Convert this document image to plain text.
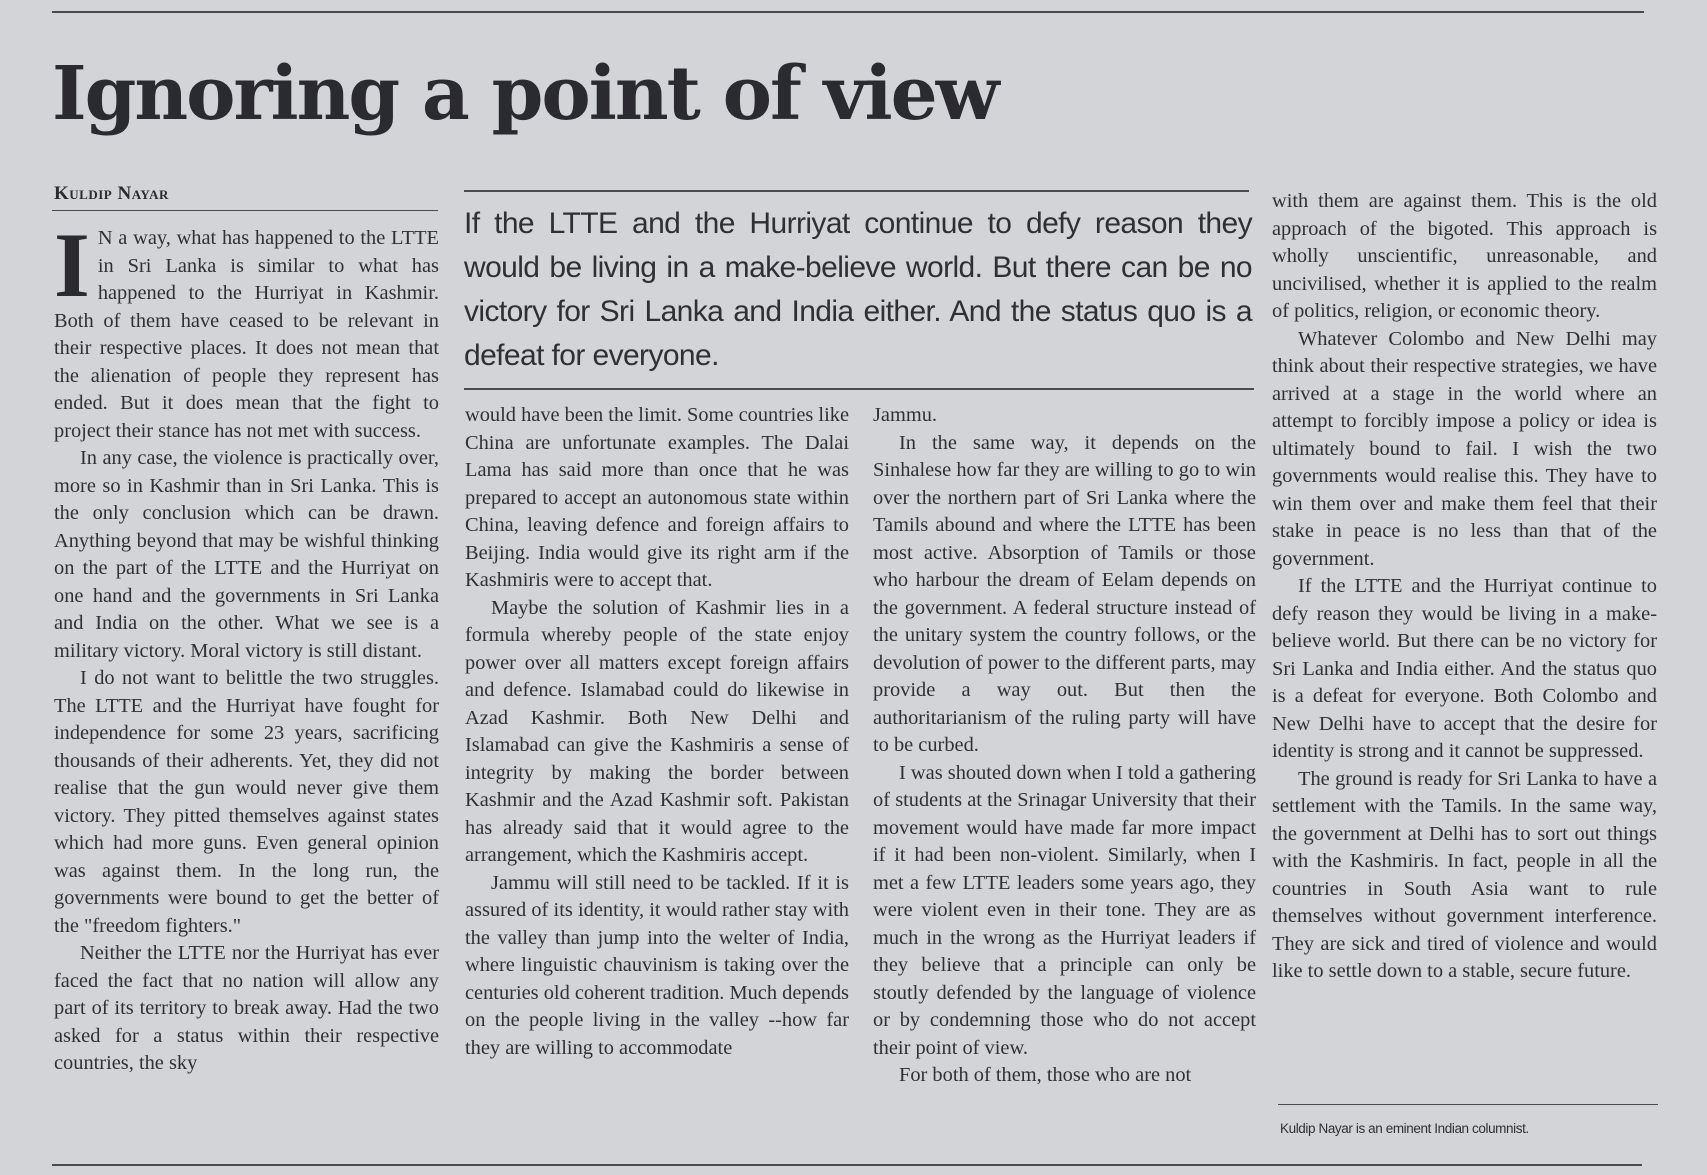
Ignoring a point of view
Kuldip Nayar

I N a way, what has happened to the LTTE in Sri Lanka is similar to what has happened to the Hurriyat in Kashmir. Both of them have ceased to be relevant in their respective places. It does not mean that the alienation of people they represent has ended. But it does mean that the fight to project their stance has not met with success.

In any case, the violence is practically over, more so in Kashmir than in Sri Lanka. This is the only conclusion which can be drawn. Anything beyond that may be wishful thinking on the part of the LTTE and the Hurriyat on one hand and the governments in Sri Lanka and India on the other. What we see is a military victory. Moral victory is still distant.

I do not want to belittle the two struggles. The LTTE and the Hurriyat have fought for independence for some 23 years, sacrificing thousands of their adherents. Yet, they did not realise that the gun would never give them victory. They pitted themselves against states which had more guns. Even general opinion was against them. In the long run, the governments were bound to get the better of the "freedom fighters."

Neither the LTTE nor the Hurriyat has ever faced the fact that no nation will allow any part of its territory to break away. Had the two asked for a status within their respective countries, the sky

If the LTTE and the Hurriyat continue to defy reason they would be living in a make-believe world. But there can be no victory for Sri Lanka and India either. And the status quo is a defeat for everyone.

would have been the limit. Some countries like China are unfortunate examples. The Dalai Lama has said more than once that he was prepared to accept an autonomous state within China, leaving defence and foreign affairs to Beijing. India would give its right arm if the Kashmiris were to accept that.

Maybe the solution of Kashmir lies in a formula whereby people of the state enjoy power over all matters except foreign affairs and defence. Islamabad could do likewise in Azad Kashmir. Both New Delhi and Islamabad can give the Kashmiris a sense of integrity by making the border between Kashmir and the Azad Kashmir soft. Pakistan has already said that it would agree to the arrangement, which the Kashmiris accept.

Jammu will still need to be tackled. If it is assured of its identity, it would rather stay with the valley than jump into the welter of India, where linguistic chauvinism is taking over the centuries old coherent tradition. Much depends on the people living in the valley --how far they are willing to accommodate

Jammu.

In the same way, it depends on the Sinhalese how far they are willing to go to win over the northern part of Sri Lanka where the Tamils abound and where the LTTE has been most active. Absorption of Tamils or those who harbour the dream of Eelam depends on the government. A federal structure instead of the unitary system the country follows, or the devolution of power to the different parts, may provide a way out. But then the authoritarianism of the ruling party will have to be curbed.

I was shouted down when I told a gathering of students at the Srinagar University that their movement would have made far more impact if it had been non-violent. Similarly, when I met a few LTTE leaders some years ago, they were violent even in their tone. They are as much in the wrong as the Hurriyat leaders if they believe that a principle can only be stoutly defended by the language of violence or by condemning those who do not accept their point of view.

For both of them, those who are not

with them are against them. This is the old approach of the bigoted. This approach is wholly unscientific, unreasonable, and uncivilised, whether it is applied to the realm of politics, religion, or economic theory.

Whatever Colombo and New Delhi may think about their respective strategies, we have arrived at a stage in the world where an attempt to forcibly impose a policy or idea is ultimately bound to fail. I wish the two governments would realise this. They have to win them over and make them feel that their stake in peace is no less than that of the government.

If the LTTE and the Hurriyat continue to defy reason they would be living in a make-believe world. But there can be no victory for Sri Lanka and India either. And the status quo is a defeat for everyone. Both Colombo and New Delhi have to accept that the desire for identity is strong and it cannot be suppressed.

The ground is ready for Sri Lanka to have a settlement with the Tamils. In the same way, the government at Delhi has to sort out things with the Kashmiris. In fact, people in all the countries in South Asia want to rule themselves without government interference. They are sick and tired of violence and would like to settle down to a stable, secure future.

Kuldip Nayar is an eminent Indian columnist.
